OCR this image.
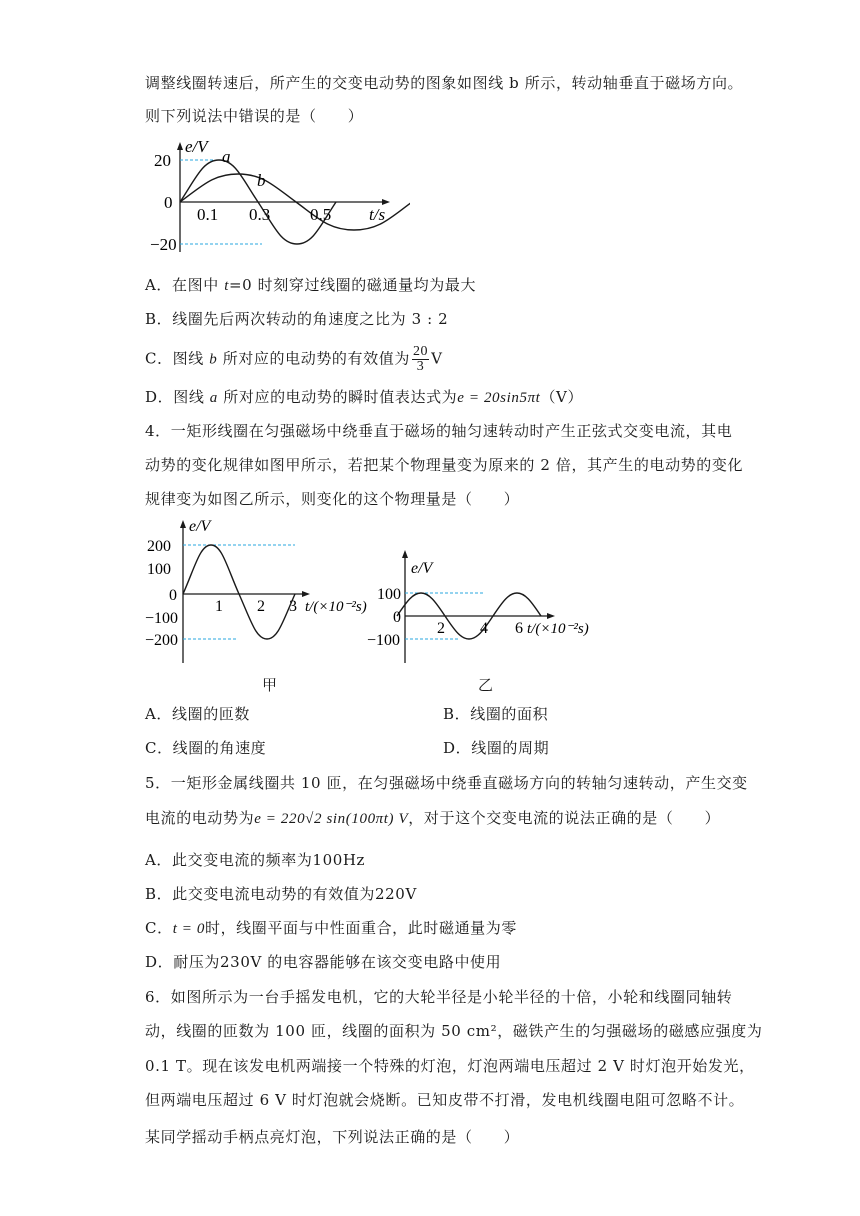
调整线圈转速后，所产生的交变电动势的图象如图线 b 所示，转动轴垂直于磁场方向。
则下列说法中错误的是（　　）
e/V
20
0
−20
0.1 0.3 0.5 t/s
a
b
A．在图中 t=0 时刻穿过线圈的磁通量均为最大
B．线圈先后两次转动的角速度之比为 3 : 2
C．图线 b 所对应的电动势的有效值为 $\frac{20}{3}$ V
D．图线 a 所对应的电动势的瞬时值表达式为e = 20sin5πt（V）
4．一矩形线圈在匀强磁场中绕垂直于磁场的轴匀速转动时产生正弦式交变电流，其电
动势的变化规律如图甲所示，若把某个物理量变为原来的 2 倍，其产生的电动势的变化
规律变为如图乙所示，则变化的这个物理量是（　　）
e/V
200
100
0
−100
−200
1 2 3 t/(×10⁻²s)
甲
e/V
100
0
−100
2 4 6 t/(×10⁻²s)
乙
A．线圈的匝数	B．线圈的面积
C．线圈的角速度	D．线圈的周期
5．一矩形金属线圈共 10 匝，在匀强磁场中绕垂直磁场方向的转轴匀速转动，产生交变
电流的电动势为e = 220√2 sin(100πt) V，对于这个交变电流的说法正确的是（　　）
A．此交变电流的频率为100Hz
B．此交变电流电动势的有效值为220V
C．t = 0时，线圈平面与中性面重合，此时磁通量为零
D．耐压为230V 的电容器能够在该交变电路中使用
6．如图所示为一台手摇发电机，它的大轮半径是小轮半径的十倍，小轮和线圈同轴转
动，线圈的匝数为 100 匝，线圈的面积为 50 cm²，磁铁产生的匀强磁场的磁感应强度为
0.1 T。现在该发电机两端接一个特殊的灯泡，灯泡两端电压超过 2 V 时灯泡开始发光，
但两端电压超过 6 V 时灯泡就会烧断。已知皮带不打滑，发电机线圈电阻可忽略不计。
某同学摇动手柄点亮灯泡，下列说法正确的是（　　）
